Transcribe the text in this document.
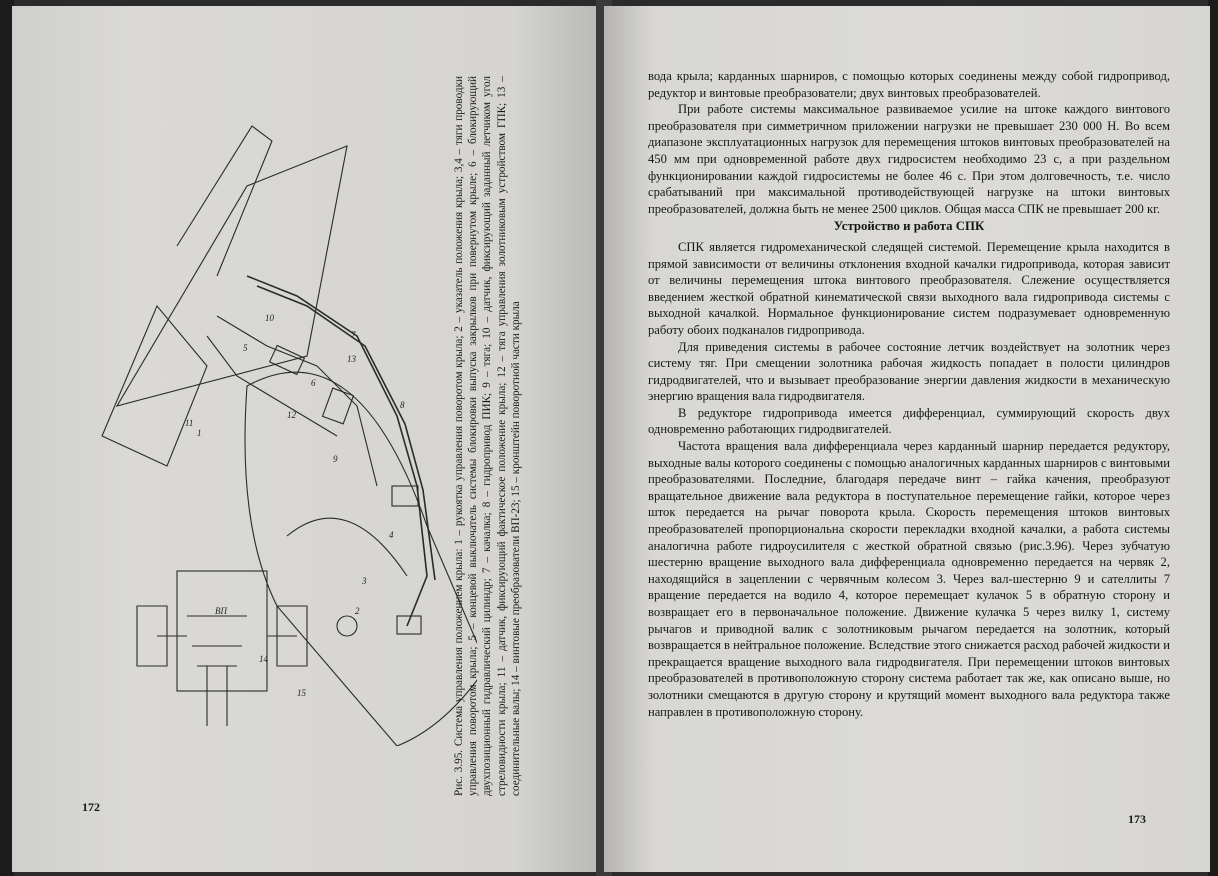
1
2
3
4
5
6
7
8
9
10
11
12
13
14
15
ВП	Рис. 3.95. Система управления положением крыла: 1 – рукоятка управления поворотом крыла; 2 – указатель положения крыла; 3,4 – тяги проводки управления поворотом крыла; 5 – концевой выключатель системы блокировки выпуска закрылков при повернутом крыле; 6 – блокирующий двухпозиционный гидравлический цилиндр; 7 – качалка; 8 – гидропривод ПИК; 9 – тяга; 10 – датчик, фиксирующий заданный летчиком угол стреловидности крыла; 11 – датчик, фиксирующий фактическое положение крыла; 12 – тяга управления золотниковым устройством ГПК; 13 – соединительные валы; 14 – винтовые преобразователи ВП-23; 15 – кронштейн поворотной части крыла
172

вода крыла; карданных шарниров, с помощью которых соединены между собой гидропривод, редуктор и винтовые преобразователи; двух винтовых преобразователей.

При работе системы максимальное развиваемое усилие на штоке каждого винтового преобразователя при симметричном приложении нагрузки не превышает 230 000 Н. Во всем диапазоне эксплуатационных нагрузок для перемещения штоков винтовых преобразователей на 450 мм при одновременной работе двух гидросистем необходимо 23 с, а при раздельном функционировании каждой гидросистемы не более 46 с. При этом долговечность, т.е. число срабатываний при максимальной противодействующей нагрузке на штоки винтовых преобразователей, должна быть не менее 2500 циклов. Общая масса СПК не превышает 200 кг.

Устройство и работа СПК

СПК является гидромеханической следящей системой. Перемещение крыла находится в прямой зависимости от величины отклонения входной качалки гидропривода, которая зависит от величины перемещения штока винтового преобразователя. Слежение осуществляется введением жесткой обратной кинематической связи выходного вала гидропривода системы с выходной качалкой. Нормальное функционирование систем подразумевает одновременную работу обоих подканалов гидропривода.

Для приведения системы в рабочее состояние летчик воздействует на золотник через систему тяг. При смещении золотника рабочая жидкость попадает в полости цилиндров гидродвигателей, что и вызывает преобразование энергии давления жидкости в механическую энергию вращения вала гидродвигателя.

В редукторе гидропривода имеется дифференциал, суммирующий скорость двух одновременно работающих гидродвигателей.

Частота вращения вала дифференциала через карданный шарнир передается редуктору, выходные валы которого соединены с помощью аналогичных карданных шарниров с винтовыми преобразователями. Последние, благодаря передаче винт – гайка качения, преобразуют вращательное движение вала редуктора в поступательное перемещение гайки, которое через шток передается на рычаг поворота крыла. Скорость перемещения штоков винтовых преобразователей пропорциональна скорости перекладки входной качалки, а работа системы аналогична работе гидроусилителя с жесткой обратной связью (рис.3.96). Через зубчатую шестерню вращение выходного вала дифференциала одновременно передается на червяк 2, находящийся в зацеплении с червячным колесом 3. Через вал-шестерню 9 и сателлиты 7 вращение передается на водило 4, которое перемещает кулачок 5 в обратную сторону и возвращает его в первоначальное положение. Движение кулачка 5 через вилку 1, систему рычагов и приводной валик с золотниковым рычагом передается на золотник, который возвращается в нейтральное положение. Вследствие этого снижается расход рабочей жидкости и прекращается вращение выходного вала гидродвигателя. При перемещении штоков винтовых преобразователей в противоположную сторону система работает так же, как описано выше, но золотники смещаются в другую сторону и крутящий момент выходного вала редуктора также направлен в противоположную сторону.

173
